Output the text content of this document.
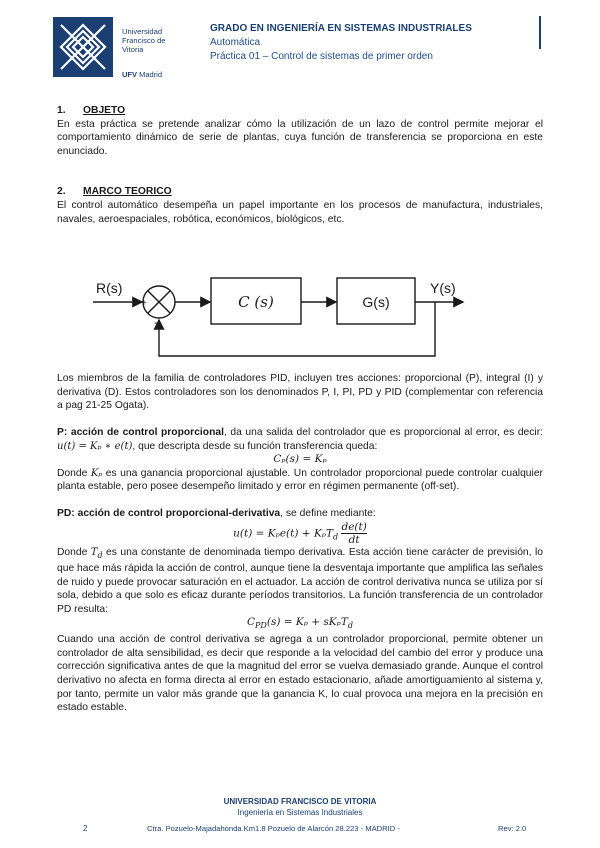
Universidad
Francisco de
Vitoria
UFV Madrid
GRADO EN INGENIERÍA EN SISTEMAS INDUSTRIALES
Automática
Práctica 01 – Control de sistemas de primer orden
1. OBJETO

En esta práctica se pretende analizar cómo la utilización de un lazo de control permite mejorar el comportamiento dinámico de serie de plantas, cuya función de transferencia se proporciona en este enunciado.

2. MARCO TEORICO

El control automático desempeña un papel importante en los procesos de manufactura, industriales, navales, aeroespaciales, robótica, económicos, biológicos, etc.

R(s)
+
-
C (s)	G(s)
Y(s)

Los miembros de la familia de controladores PID, incluyen tres acciones: proporcional (P), integral (I) y derivativa (D). Estos controladores son los denominados P, I, PI, PD y PID (complementar con referencia a pag 21-25 Ogata).

P: acción de control proporcional, da una salida del controlador que es proporcional al error, es decir: u(t) = Kₚ ∗ e(t), que descripta desde su función transferencia queda:

Cₚ(s) = Kₚ

Donde Kₚ es una ganancia proporcional ajustable. Un controlador proporcional puede controlar cualquier planta estable, pero posee desempeño limitado y error en régimen permanente (off-set).

PD: acción de control proporcional-derivativa, se define mediante:

$u(t) = K_pe(t) + K_pT_d \frac{de(t)}{dt}$

Donde $T_d$ es una constante de denominada tiempo derivativa. Esta acción tiene carácter de previsión, lo que hace más rápida la acción de control, aunque tiene la desventaja importante que amplifica las señales de ruido y puede provocar saturación en el actuador. La acción de control derivativa nunca se utiliza por sí sola, debido a que solo es eficaz durante períodos transitorios. La función transferencia de un controlador PD resulta:

$C_{PD}(s) = K_p + sK_pT_d$

Cuando una acción de control derivativa se agrega a un controlador proporcional, permite obtener un controlador de alta sensibilidad, es decir que responde a la velocidad del cambio del error y produce una corrección significativa antes de que la magnitud del error se vuelva demasiado grande. Aunque el control derivativo no afecta en forma directa al error en estado estacionario, añade amortiguamiento al sistema y, por tanto, permite un valor más grande que la ganancia K, lo cual provoca una mejora en la precisión en estado estable.

UNIVERSIDAD FRANCISCO DE VITORIA
Ingeniería en Sistemas Industriales
2	Ctra. Pozuelo-Majadahonda Km1.8 Pozuelo de Alarcón 28.223 - MADRID -	Rev: 2.0
